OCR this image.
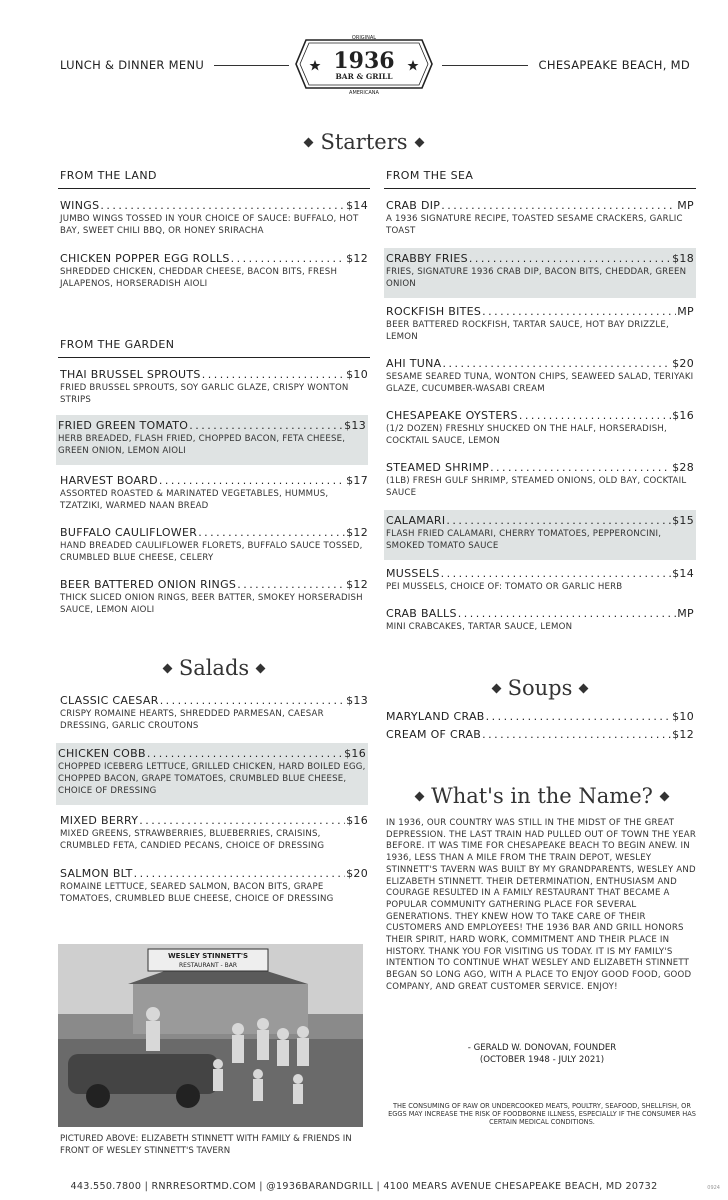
LUNCH & DINNER MENU
ORIGINAL
1936
BAR & GRILL
AMERICANA
CHESAPEAKE BEACH, MD
Starters
FROM THE LAND
WINGS . . .	$14
JUMBO WINGS TOSSED IN YOUR CHOICE OF SAUCE: BUFFALO, HOT BAY, SWEET CHILI BBQ, OR HONEY SRIRACHA
CHICKEN POPPER EGG ROLLS . . .	$12
SHREDDED CHICKEN, CHEDDAR CHEESE, BACON BITS, FRESH JALAPENOS, HORSERADISH AIOLI
FROM THE GARDEN
THAI BRUSSEL SPROUTS . . .	$10
FRIED BRUSSEL SPROUTS, SOY GARLIC GLAZE, CRISPY WONTON STRIPS
FRIED GREEN TOMATO . . .	$13
HERB BREADED, FLASH FRIED, CHOPPED BACON, FETA CHEESE, GREEN ONION, LEMON AIOLI
HARVEST BOARD . . .	$17
ASSORTED ROASTED & MARINATED VEGETABLES, HUMMUS, TZATZIKI, WARMED NAAN BREAD
BUFFALO CAULIFLOWER . . .	$12
HAND BREADED CAULIFLOWER FLORETS, BUFFALO SAUCE TOSSED, CRUMBLED BLUE CHEESE, CELERY
BEER BATTERED ONION RINGS . . .	$12
THICK SLICED ONION RINGS, BEER BATTER, SMOKEY HORSERADISH SAUCE, LEMON AIOLI
FROM THE SEA
CRAB DIP . . .	MP
A 1936 SIGNATURE RECIPE, TOASTED SESAME CRACKERS, GARLIC TOAST
CRABBY FRIES . . .	$18
FRIES, SIGNATURE 1936 CRAB DIP, BACON BITS, CHEDDAR, GREEN ONION
ROCKFISH BITES . . .	MP
BEER BATTERED ROCKFISH, TARTAR SAUCE, HOT BAY DRIZZLE, LEMON
AHI TUNA . . .	$20
SESAME SEARED TUNA, WONTON CHIPS, SEAWEED SALAD, TERIYAKI GLAZE, CUCUMBER-WASABI CREAM
CHESAPEAKE OYSTERS . . .	$16
(1/2 DOZEN) FRESHLY SHUCKED ON THE HALF, HORSERADISH, COCKTAIL SAUCE, LEMON
STEAMED SHRIMP . . .	$28
(1LB) FRESH GULF SHRIMP, STEAMED ONIONS, OLD BAY, COCKTAIL SAUCE
CALAMARI . . .	$15
FLASH FRIED CALAMARI, CHERRY TOMATOES, PEPPERONCINI, SMOKED TOMATO SAUCE
MUSSELS . . .	$14
PEI MUSSELS, CHOICE OF: TOMATO OR GARLIC HERB
CRAB BALLS . . .	MP
MINI CRABCAKES, TARTAR SAUCE, LEMON
Salads
CLASSIC CAESAR . . .	$13
CRISPY ROMAINE HEARTS, SHREDDED PARMESAN, CAESAR DRESSING, GARLIC CROUTONS
CHICKEN COBB . . .	$16
CHOPPED ICEBERG LETTUCE, GRILLED CHICKEN, HARD BOILED EGG, CHOPPED BACON, GRAPE TOMATOES, CRUMBLED BLUE CHEESE, CHOICE OF DRESSING
MIXED BERRY . . .	$16
MIXED GREENS, STRAWBERRIES, BLUEBERRIES, CRAISINS, CRUMBLED FETA, CANDIED PECANS, CHOICE OF DRESSING
SALMON BLT . . .	$20
ROMAINE LETTUCE, SEARED SALMON, BACON BITS, GRAPE TOMATOES, CRUMBLED BLUE CHEESE, CHOICE OF DRESSING
Soups
MARYLAND CRAB . . .	$10
CREAM OF CRAB . . .	$12
What's in the Name?
IN 1936, OUR COUNTRY WAS STILL IN THE MIDST OF THE GREAT DEPRESSION. THE LAST TRAIN HAD PULLED OUT OF TOWN THE YEAR BEFORE. IT WAS TIME FOR CHESAPEAKE BEACH TO BEGIN ANEW. IN 1936, LESS THAN A MILE FROM THE TRAIN DEPOT, WESLEY STINNETT'S TAVERN WAS BUILT BY MY GRANDPARENTS, WESLEY AND ELIZABETH STINNETT. THEIR DETERMINATION, ENTHUSIASM AND COURAGE RESULTED IN A FAMILY RESTAURANT THAT BECAME A POPULAR COMMUNITY GATHERING PLACE FOR SEVERAL GENERATIONS. THEY KNEW HOW TO TAKE CARE OF THEIR CUSTOMERS AND EMPLOYEES! THE 1936 BAR AND GRILL HONORS THEIR SPIRIT, HARD WORK, COMMITMENT AND THEIR PLACE IN HISTORY. THANK YOU FOR VISITING US TODAY. IT IS MY FAMILY'S INTENTION TO CONTINUE WHAT WESLEY AND ELIZABETH STINNETT BEGAN SO LONG AGO, WITH A PLACE TO ENJOY GOOD FOOD, GOOD COMPANY, AND GREAT CUSTOMER SERVICE. ENJOY!
- GERALD W. DONOVAN, FOUNDER
(OCTOBER 1948 - JULY 2021)
THE CONSUMING OF RAW OR UNDERCOOKED MEATS, POULTRY, SEAFOOD, SHELLFISH, OR EGGS MAY INCREASE THE RISK OF FOODBORNE ILLNESS, ESPECIALLY IF THE CONSUMER HAS CERTAIN MEDICAL CONDITIONS.
WESLEY STINNETT'S
RESTAURANT - BAR
PICTURED ABOVE: ELIZABETH STINNETT WITH FAMILY & FRIENDS IN FRONT OF WESLEY STINNETT'S TAVERN
443.550.7800 | RNRRESORTMD.COM | @1936BARANDGRILL | 4100 MEARS AVENUE CHESAPEAKE BEACH, MD 20732	0924
